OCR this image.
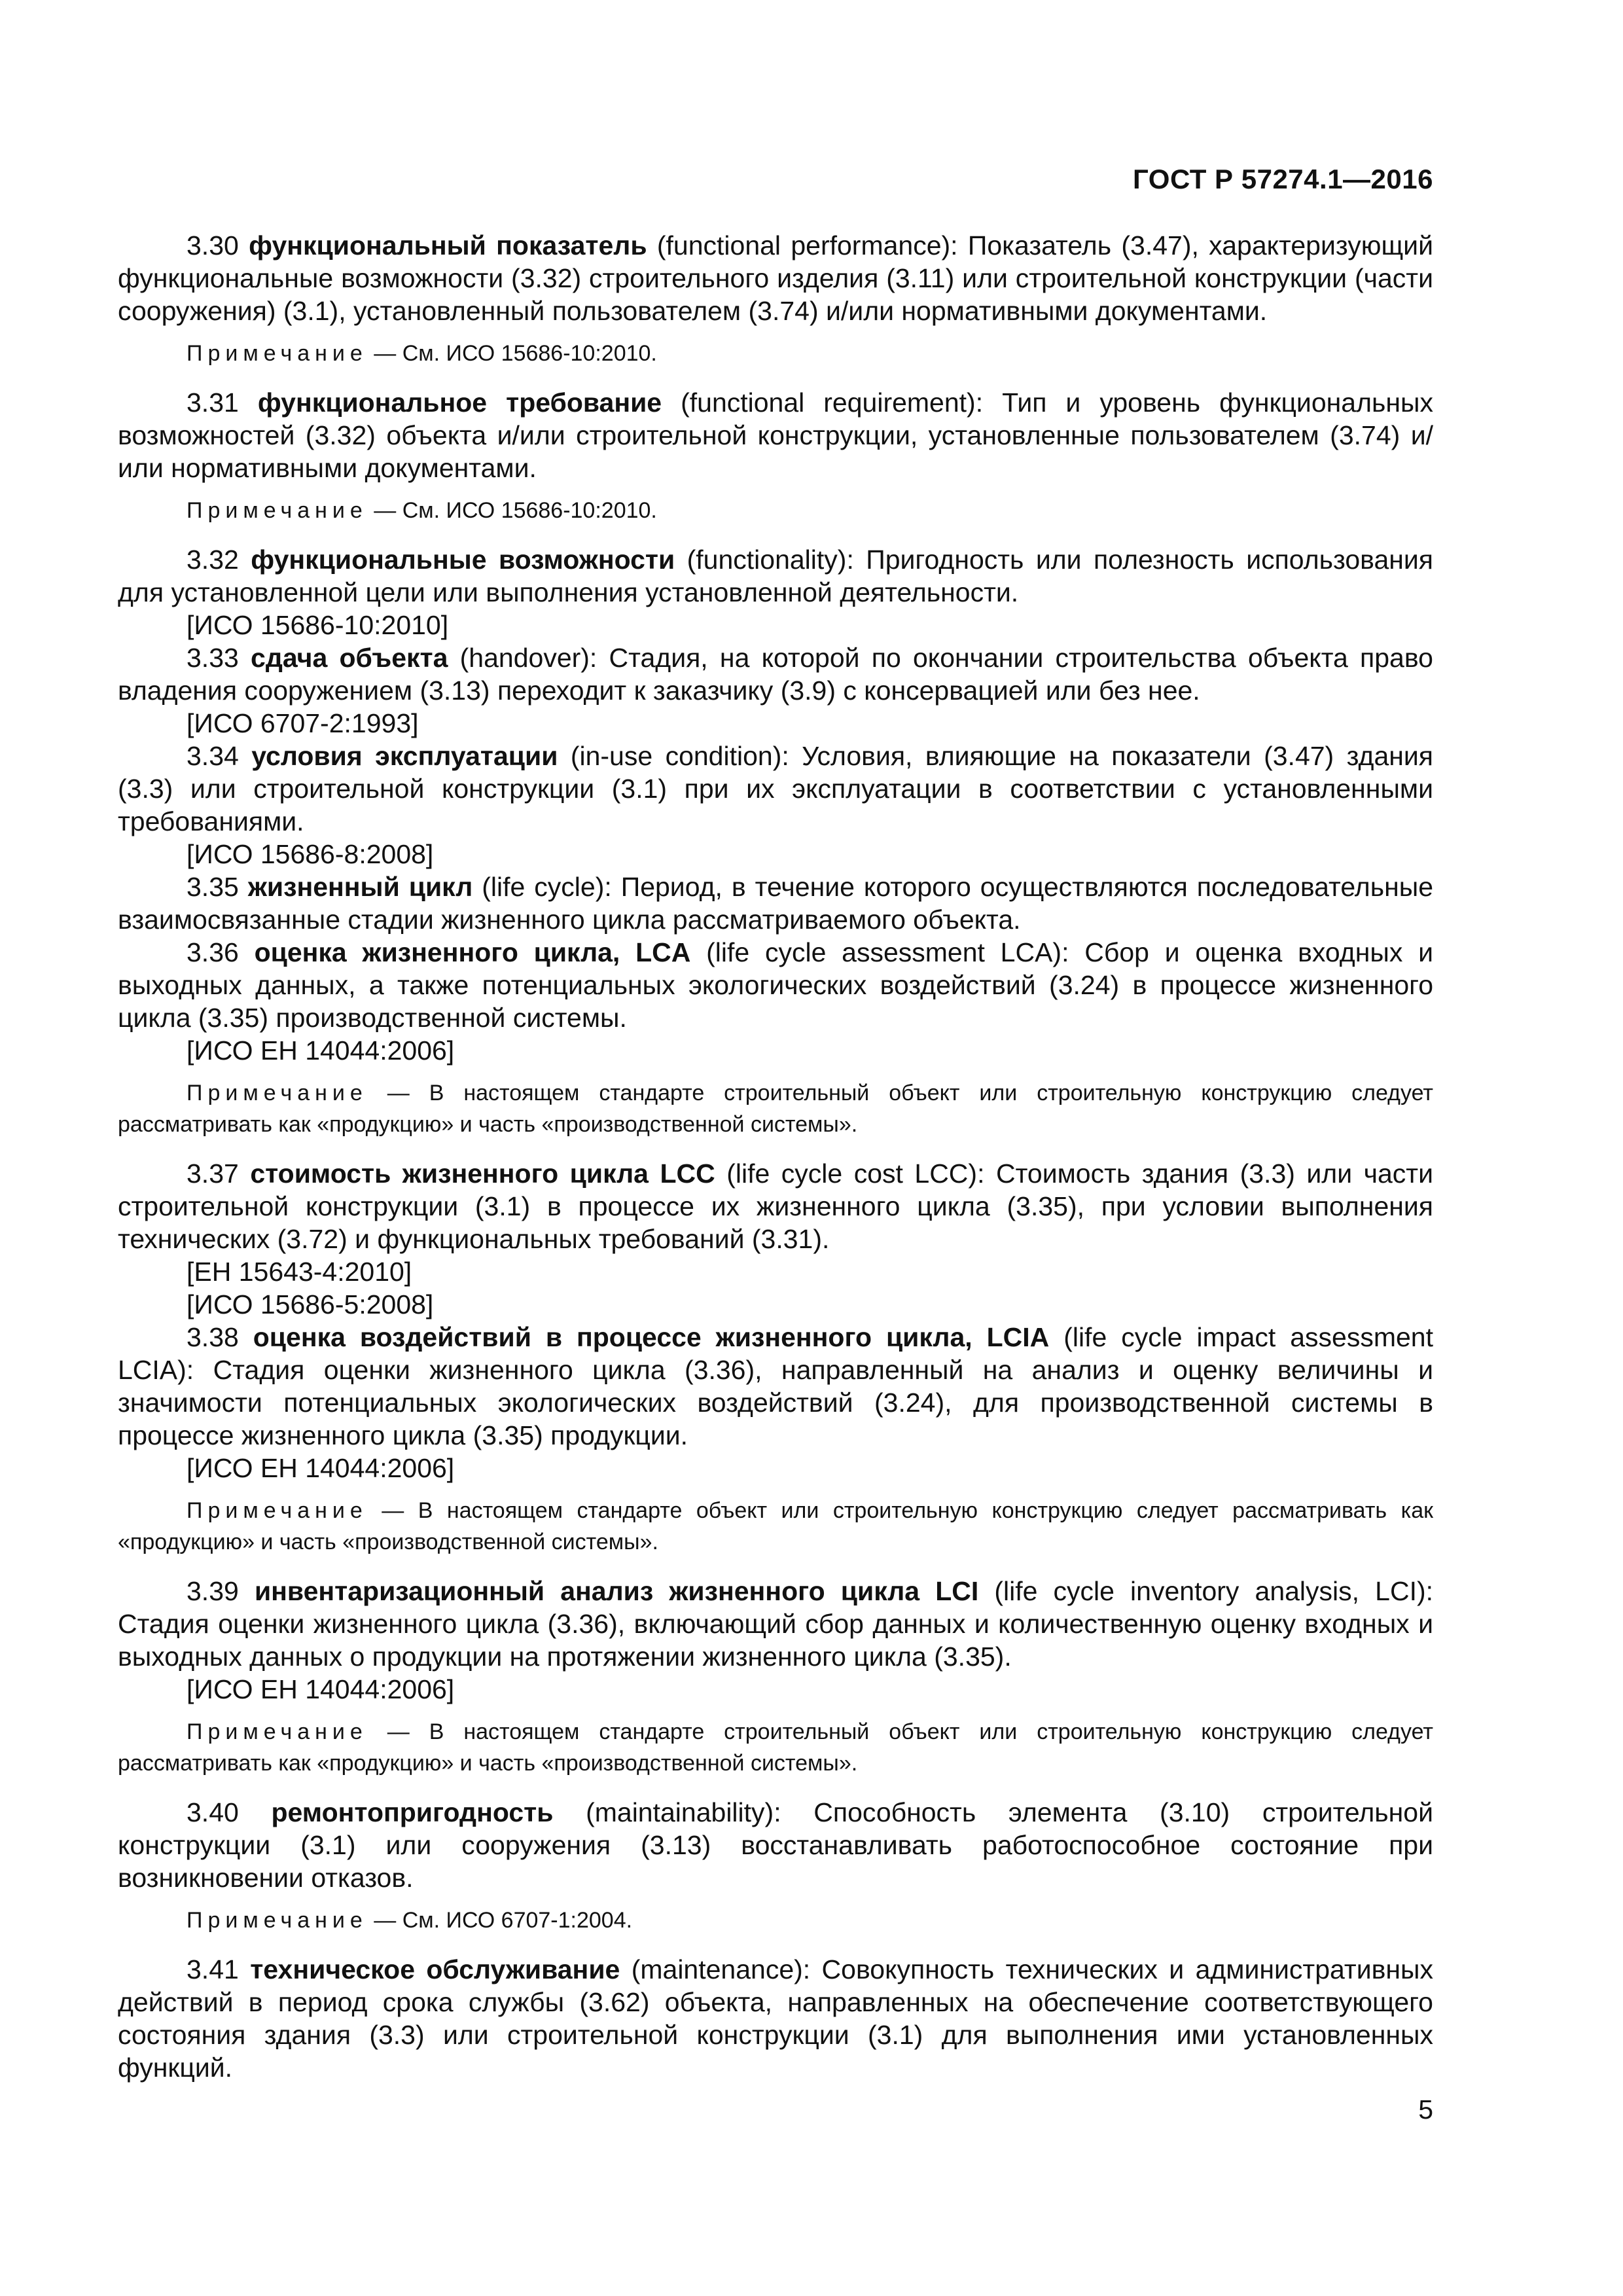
ГОСТ Р 57274.1—2016

3.30 функциональный показатель (functional performance): Показатель (3.47), характеризующий функциональные возможности (3.32) строительного изделия (3.11) или строительной конструкции (части сооружения) (3.1), установленный пользователем (3.74) и/или нормативными документами.

Примечание — См. ИСО 15686-10:2010.

3.31 функциональное требование (functional requirement): Тип и уровень функциональных возможностей (3.32) объекта и/или строительной конструкции, установленные пользователем (3.74) и/или нормативными документами.

Примечание — См. ИСО 15686-10:2010.

3.32 функциональные возможности (functionality): Пригодность или полезность использования для установленной цели или выполнения установленной деятельности.

[ИСО 15686-10:2010]

3.33 сдача объекта (handover): Стадия, на которой по окончании строительства объекта право владения сооружением (3.13) переходит к заказчику (3.9) с консервацией или без нее.

[ИСО 6707-2:1993]

3.34 условия эксплуатации (in-use condition): Условия, влияющие на показатели (3.47) здания (3.3) или строительной конструкции (3.1) при их эксплуатации в соответствии с установленными требованиями.

[ИСО 15686-8:2008]

3.35 жизненный цикл (life cycle): Период, в течение которого осуществляются последовательные взаимосвязанные стадии жизненного цикла рассматриваемого объекта.

3.36 оценка жизненного цикла, LCA (life cycle assessment LCA): Сбор и оценка входных и выходных данных, а также потенциальных экологических воздействий (3.24) в процессе жизненного цикла (3.35) производственной системы.

[ИСО ЕН 14044:2006]

Примечание — В настоящем стандарте строительный объект или строительную конструкцию следует рассматривать как «продукцию» и часть «производственной системы».

3.37 стоимость жизненного цикла LCC (life cycle cost LCC): Стоимость здания (3.3) или части строительной конструкции (3.1) в процессе их жизненного цикла (3.35), при условии выполнения технических (3.72) и функциональных требований (3.31).

[ЕН 15643-4:2010]

[ИСО 15686-5:2008]

3.38 оценка воздействий в процессе жизненного цикла, LCIA (life cycle impact assessment LCIA): Стадия оценки жизненного цикла (3.36), направленный на анализ и оценку величины и значимости потенциальных экологических воздействий (3.24), для производственной системы в процессе жизненного цикла (3.35) продукции.

[ИСО ЕН 14044:2006]

Примечание — В настоящем стандарте объект или строительную конструкцию следует рассматривать как «продукцию» и часть «производственной системы».

3.39 инвентаризационный анализ жизненного цикла LCI (life cycle inventory analysis, LCI): Стадия оценки жизненного цикла (3.36), включающий сбор данных и количественную оценку входных и выходных данных о продукции на протяжении жизненного цикла (3.35).

[ИСО ЕН 14044:2006]

Примечание — В настоящем стандарте строительный объект или строительную конструкцию следует рассматривать как «продукцию» и часть «производственной системы».

3.40 ремонтопригодность (maintainability): Способность элемента (3.10) строительной конструкции (3.1) или сооружения (3.13) восстанавливать работоспособное состояние при возникновении отказов.

Примечание — См. ИСО 6707-1:2004.

3.41 техническое обслуживание (maintenance): Совокупность технических и административных действий в период срока службы (3.62) объекта, направленных на обеспечение соответствующего состояния здания (3.3) или строительной конструкции (3.1) для выполнения ими установленных функций.

5
